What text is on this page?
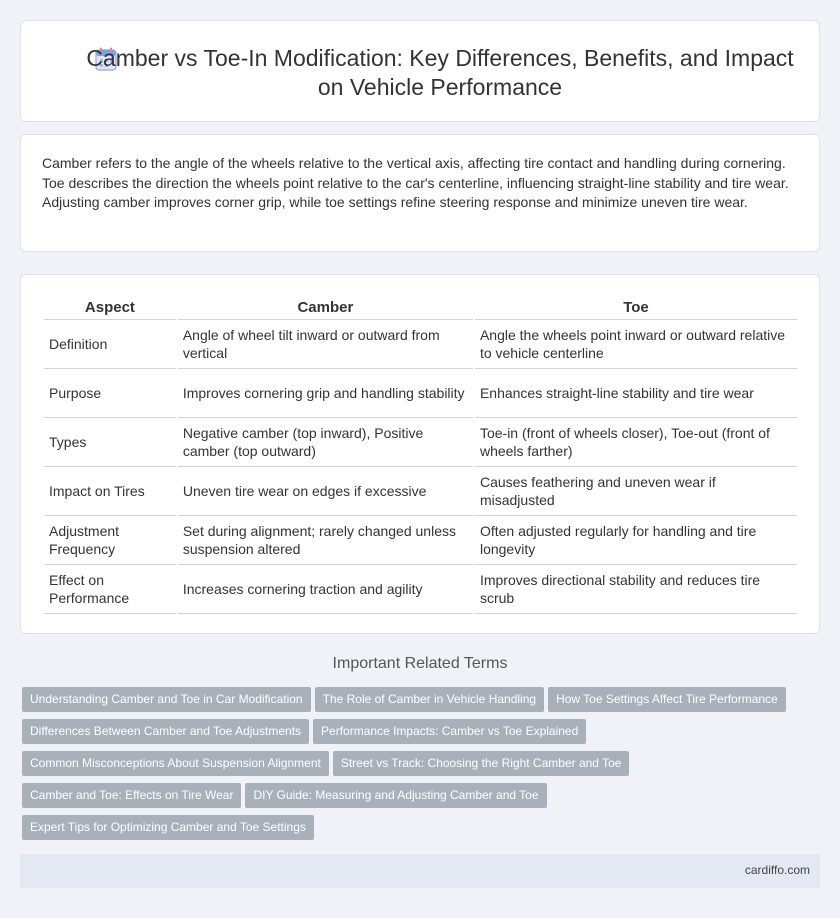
Camber vs Toe-In Modification: Key Differences, Benefits, and Impact on Vehicle Performance

Camber refers to the angle of the wheels relative to the vertical axis, affecting tire contact and handling during cornering. Toe describes the direction the wheels point relative to the car's centerline, influencing straight-line stability and tire wear. Adjusting camber improves corner grip, while toe settings refine steering response and minimize uneven tire wear.

Aspect	Camber	Toe
Definition	Angle of wheel tilt inward or outward from vertical	Angle the wheels point inward or outward relative to vehicle centerline
Purpose	Improves cornering grip and handling stability	Enhances straight-line stability and tire wear
Types	Negative camber (top inward), Positive camber (top outward)	Toe-in (front of wheels closer), Toe-out (front of wheels farther)
Impact on Tires	Uneven tire wear on edges if excessive	Causes feathering and uneven wear if misadjusted
Adjustment Frequency	Set during alignment; rarely changed unless suspension altered	Often adjusted regularly for handling and tire longevity
Effect on Performance	Increases cornering traction and agility	Improves directional stability and reduces tire scrub
Important Related Terms
Understanding Camber and Toe in Car Modification The Role of Camber in Vehicle Handling How Toe Settings Affect Tire Performance
Differences Between Camber and Toe Adjustments Performance Impacts: Camber vs Toe Explained
Common Misconceptions About Suspension Alignment Street vs Track: Choosing the Right Camber and Toe
Camber and Toe: Effects on Tire Wear DIY Guide: Measuring and Adjusting Camber and Toe
Expert Tips for Optimizing Camber and Toe Settings
cardiffo.com
